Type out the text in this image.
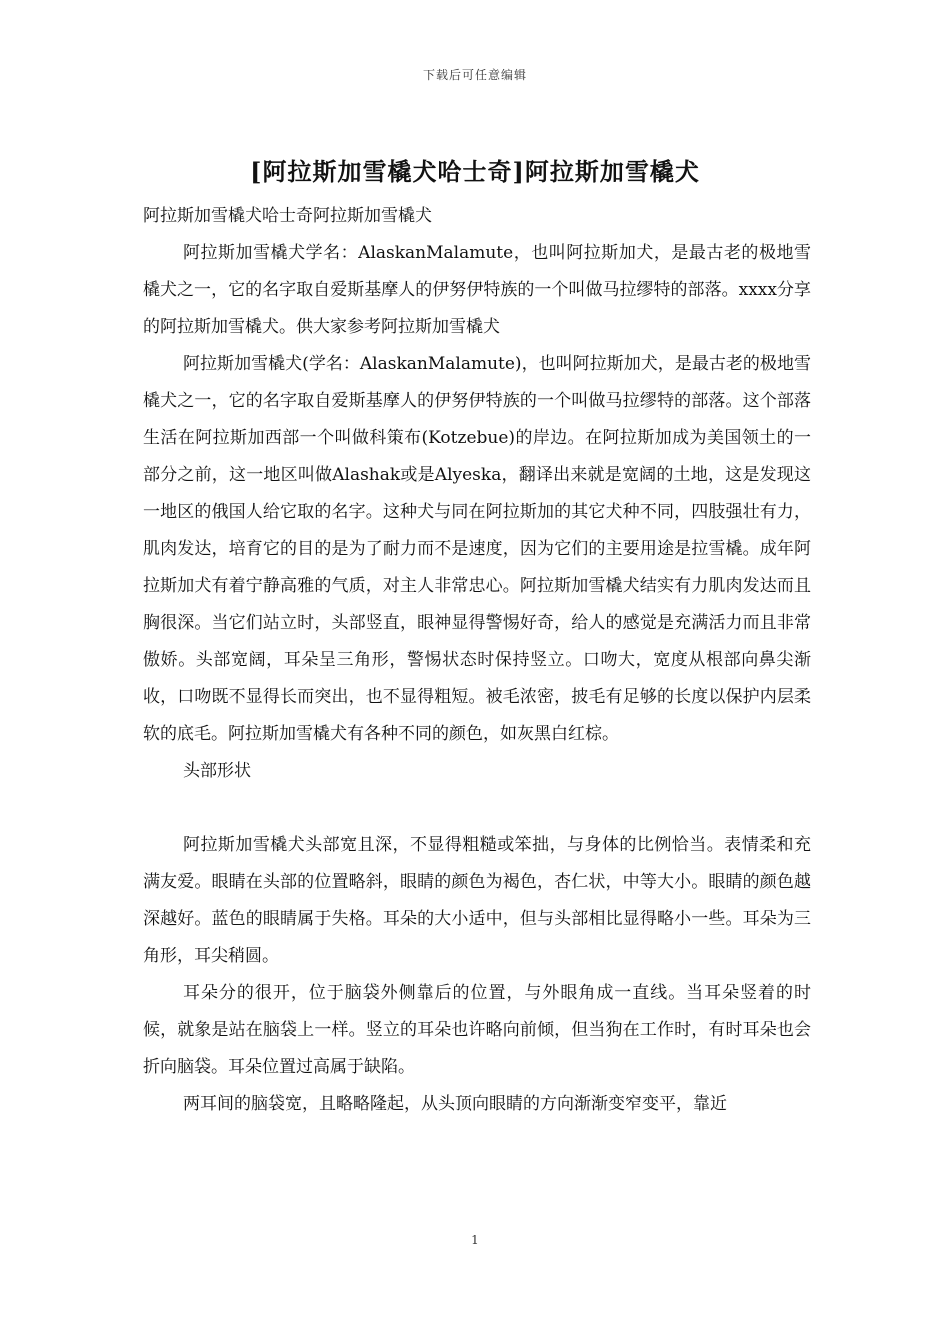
下载后可任意编辑
[阿拉斯加雪橇犬哈士奇]阿拉斯加雪橇犬

阿拉斯加雪橇犬哈士奇阿拉斯加雪橇犬

阿拉斯加雪橇犬学名：AlaskanMalamute，也叫阿拉斯加犬，是最古老的极地雪橇犬之一，它的名字取自爱斯基摩人的伊努伊特族的一个叫做马拉缪特的部落。xxxx分享的阿拉斯加雪橇犬。供大家参考阿拉斯加雪橇犬

阿拉斯加雪橇犬(学名：AlaskanMalamute)，也叫阿拉斯加犬，是最古老的极地雪橇犬之一，它的名字取自爱斯基摩人的伊努伊特族的一个叫做马拉缪特的部落。这个部落生活在阿拉斯加西部一个叫做科策布(Kotzebue)的岸边。在阿拉斯加成为美国领土的一部分之前，这一地区叫做Alashak或是Alyeska，翻译出来就是宽阔的土地，这是发现这一地区的俄国人给它取的名字。这种犬与同在阿拉斯加的其它犬种不同，四肢强壮有力，肌肉发达，培育它的目的是为了耐力而不是速度，因为它们的主要用途是拉雪橇。成年阿拉斯加犬有着宁静高雅的气质，对主人非常忠心。阿拉斯加雪橇犬结实有力肌肉发达而且胸很深。当它们站立时，头部竖直，眼神显得警惕好奇，给人的感觉是充满活力而且非常傲娇。头部宽阔，耳朵呈三角形，警惕状态时保持竖立。口吻大，宽度从根部向鼻尖渐收，口吻既不显得长而突出，也不显得粗短。被毛浓密，披毛有足够的长度以保护内层柔软的底毛。阿拉斯加雪橇犬有各种不同的颜色，如灰黑白红棕。

头部形状

阿拉斯加雪橇犬头部宽且深，不显得粗糙或笨拙，与身体的比例恰当。表情柔和充满友爱。眼睛在头部的位置略斜，眼睛的颜色为褐色，杏仁状，中等大小。眼睛的颜色越深越好。蓝色的眼睛属于失格。耳朵的大小适中，但与头部相比显得略小一些。耳朵为三角形，耳尖稍圆。

耳朵分的很开，位于脑袋外侧靠后的位置，与外眼角成一直线。当耳朵竖着的时候，就象是站在脑袋上一样。竖立的耳朵也许略向前倾，但当狗在工作时，有时耳朵也会折向脑袋。耳朵位置过高属于缺陷。

两耳间的脑袋宽，且略略隆起，从头顶向眼睛的方向渐渐变窄变平，靠近

1
